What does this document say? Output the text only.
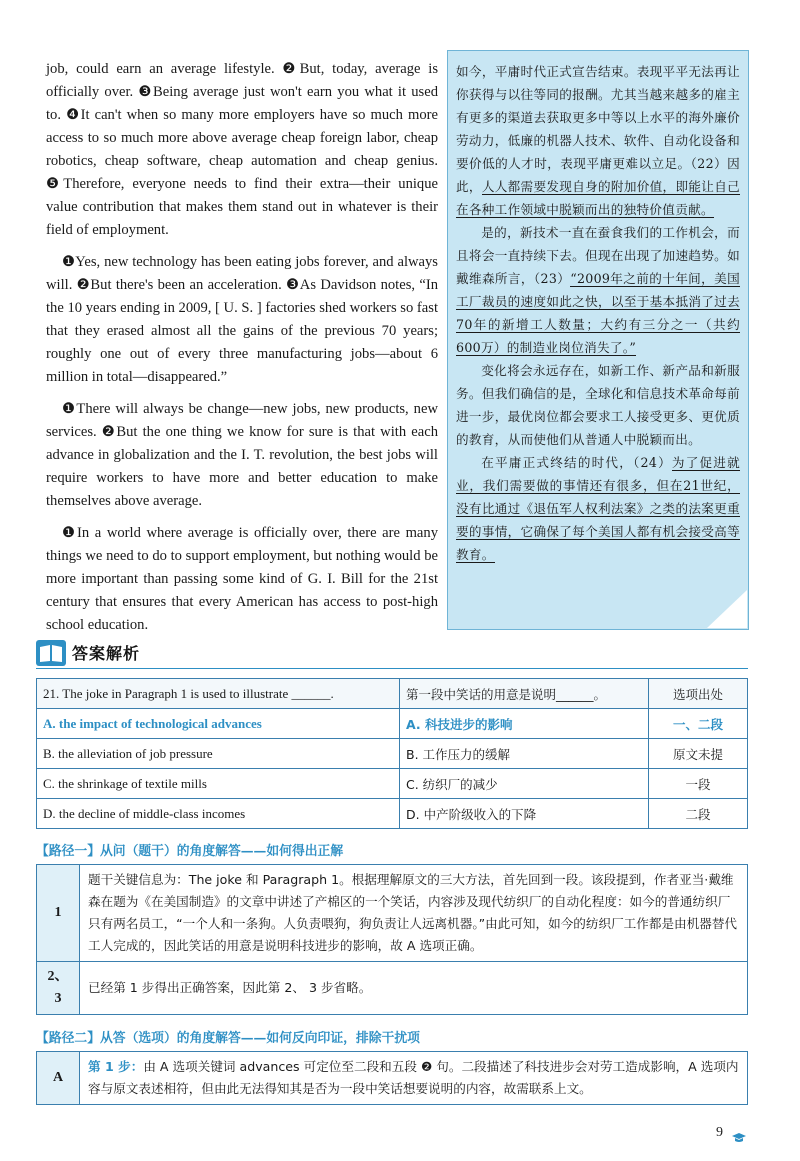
job, could earn an average lifestyle. ❷But, today, average is officially over. ❸Being average just won't earn you what it used to. ❹It can't when so many more employers have so much more access to so much more above average cheap foreign labor, cheap robotics, cheap software, cheap automation and cheap genius. ❺Therefore, everyone needs to find their extra—their unique value contribution that makes them stand out in whatever is their field of employment.

❶Yes, new technology has been eating jobs forever, and always will. ❷But there's been an acceleration. ❸As Davidson notes, “In the 10 years ending in 2009, [ U. S. ] factories shed workers so fast that they erased almost all the gains of the previous 70 years; roughly one out of every three manufacturing jobs—about 6 million in total—disappeared.”

❶There will always be change—new jobs, new products, new services. ❷But the one thing we know for sure is that with each advance in globalization and the I. T. revolution, the best jobs will require workers to have more and better education to make themselves above average.

❶In a world where average is officially over, there are many things we need to do to support employment, but nothing would be more important than passing some kind of G. I. Bill for the 21st century that ensures that every American has access to post-high school education.

如今，平庸时代正式宣告结束。表现平平无法再让你获得与以往等同的报酬。尤其当越来越多的雇主有更多的渠道去获取更多中等以上水平的海外廉价劳动力，低廉的机器人技术、软件、自动化设备和要价低的人才时，表现平庸更难以立足。（22）因此，人人都需要发现自身的附加价值，即能让自己在各种工作领域中脱颖而出的独特价值贡献。

是的，新技术一直在蚕食我们的工作机会，而且将会一直持续下去。但现在出现了加速趋势。如戴维森所言，（23）“2009年之前的十年间，美国工厂裁员的速度如此之快，以至于基本抵消了过去70年的新增工人数量；大约有三分之一（共约600万）的制造业岗位消失了。”

变化将会永远存在，如新工作、新产品和新服务。但我们确信的是，全球化和信息技术革命每前进一步，最优岗位都会要求工人接受更多、更优质的教育，从而使他们从普通人中脱颖而出。

在平庸正式终结的时代，（24）为了促进就业，我们需要做的事情还有很多，但在21世纪，没有比通过《退伍军人权利法案》之类的法案更重要的事情，它确保了每个美国人都有机会接受高等教育。

答案解析
21. The joke in Paragraph 1 is used to illustrate ______.	第一段中笑话的用意是说明______。	选项出处
A. the impact of technological advances	A. 科技进步的影响	一、二段
B. the alleviation of job pressure	B. 工作压力的缓解	原文未提
C. the shrinkage of textile mills	C. 纺织厂的减少	一段
D. the decline of middle-class incomes	D. 中产阶级收入的下降	二段
【路径一】从问（题干）的角度解答——如何得出正解
1	题干关键信息为：The joke 和 Paragraph 1。根据理解原文的三大方法，首先回到一段。该段提到，作者亚当·戴维森在题为《在美国制造》的文章中讲述了产棉区的一个笑话，内容涉及现代纺织厂的自动化程度：如今的普通纺织厂只有两名员工，“一个人和一条狗。人负责喂狗，狗负责让人远离机器。”由此可知，如今的纺织厂工作都是由机器替代工人完成的，因此笑话的用意是说明科技进步的影响，故 A 选项正确。
2、3	已经第 1 步得出正确答案，因此第 2、 3 步省略。
【路径二】从答（选项）的角度解答——如何反向印证，排除干扰项
A	第 1 步：由 A 选项关键词 advances 可定位至二段和五段 ❷ 句。二段描述了科技进步会对劳工造成影响，A 选项内容与原文表述相符，但由此无法得知其是否为一段中笑话想要说明的内容，故需联系上文。
9
